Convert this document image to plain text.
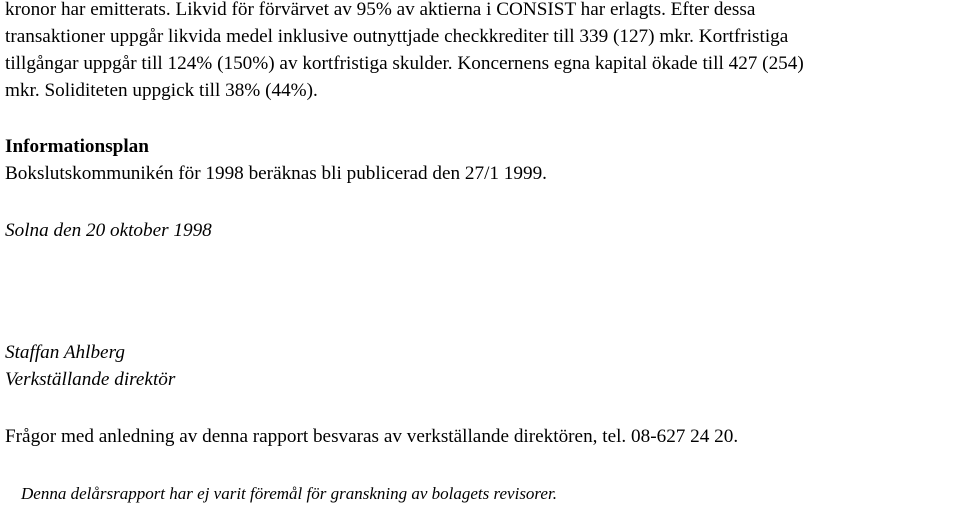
kronor har emitterats. Likvid för förvärvet av 95% av aktierna i CONSIST har erlagts. Efter dessa

transaktioner uppgår likvida medel inklusive outnyttjade checkkrediter till 339 (127) mkr. Kortfristiga

tillgångar uppgår till 124% (150%) av kortfristiga skulder. Koncernens egna kapital ökade till 427 (254)

mkr. Soliditeten uppgick till 38% (44%).

Informationsplan

Bokslutskommunikén för 1998 beräknas bli publicerad den 27/1 1999.

Solna den 20 oktober 1998

Staffan Ahlberg

Verkställande direktör

Frågor med anledning av denna rapport besvaras av verkställande direktören, tel. 08-627 24 20.

Denna delårsrapport har ej varit föremål för granskning av bolagets revisorer.
